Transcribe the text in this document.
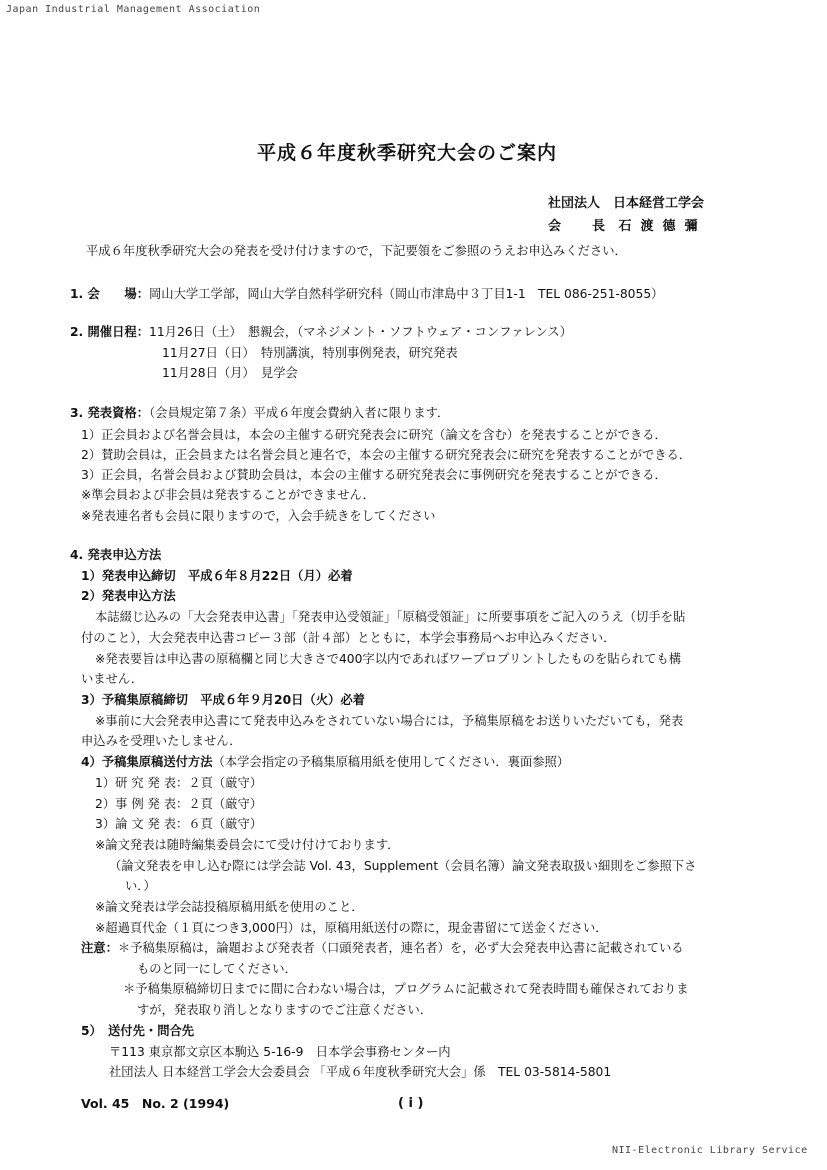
Japan Industrial Management Association
平成６年度秋季研究大会のご案内
社団法人　日本経営工学会
会　長 石渡德彌
平成６年度秋季研究大会の発表を受け付けますので，下記要領をご参照のうえお申込みください．
1. 会　　場：岡山大学工学部，岡山大学自然科学研究科（岡山市津島中３丁目1-1　TEL 086-251-8055）
2. 開催日程：11月26日（土）　懇親会，（マネジメント・ソフトウェア・コンファレンス）
11月27日（日）　特別講演，特別事例発表，研究発表
11月28日（月）　見学会
3. 発表資格：（会員規定第７条）平成６年度会費納入者に限ります．
1）正会員および名誉会員は，本会の主催する研究発表会に研究（論文を含む）を発表することができる．
2）賛助会員は，正会員または名誉会員と連名で，本会の主催する研究発表会に研究を発表することができる．
3）正会員，名誉会員および賛助会員は，本会の主催する研究発表会に事例研究を発表することができる．
※準会員および非会員は発表することができません．
※発表連名者も会員に限りますので，入会手続きをしてください
4. 発表申込方法
1）発表申込締切　 平成６年８月22日（月）必着
2）発表申込方法
本誌綴じ込みの「大会発表申込書」「発表申込受領証」「原稿受領証」に所要事項をご記入のうえ（切手を貼
付のこと），大会発表申込書コピー３部（計４部）とともに，本学会事務局へお申込みください．
※発表要旨は申込書の原稿欄と同じ大きさで400字以内であればワープロプリントしたものを貼られても構
いません．
3）予稿集原稿締切　 平成６年９月20日（火）必着
※事前に大会発表申込書にて発表申込みをされていない場合には，予稿集原稿をお送りいただいても，発表
申込みを受理いたしません．
4）予稿集原稿送付方法（本学会指定の予稿集原稿用紙を使用してください．裏面参照）
1）研 究 発 表：２頁（厳守）
2）事 例 発 表：２頁（厳守）
3）論 文 発 表：６頁（厳守）
※論文発表は随時編集委員会にて受け付けております．
（論文発表を申し込む際には学会誌 Vol. 43，Supplement（会員名簿）論文発表取扱い細則をご参照下さ
い．）
※論文発表は学会誌投稿原稿用紙を使用のこと．
※超過頁代金（１頁につき3,000円）は，原稿用紙送付の際に，現金書留にて送金ください．
注意：＊予稿集原稿は，論題および発表者（口頭発表者，連名者）を，必ず大会発表申込書に記載されている
ものと同一にしてください．
＊予稿集原稿締切日までに間に合わない場合は，プログラムに記載されて発表時間も確保されておりま
すが，発表取り消しとなりますのでご注意ください．
5）　送付先・問合先
〒113 東京都文京区本駒込 5-16-9　日本学会事務センター内
社団法人 日本経営工学会大会委員会 「平成６年度秋季研究大会」係　TEL 03-5814-5801
Vol. 45　No. 2 (1994)	( i )
NII-Electronic Library Service
